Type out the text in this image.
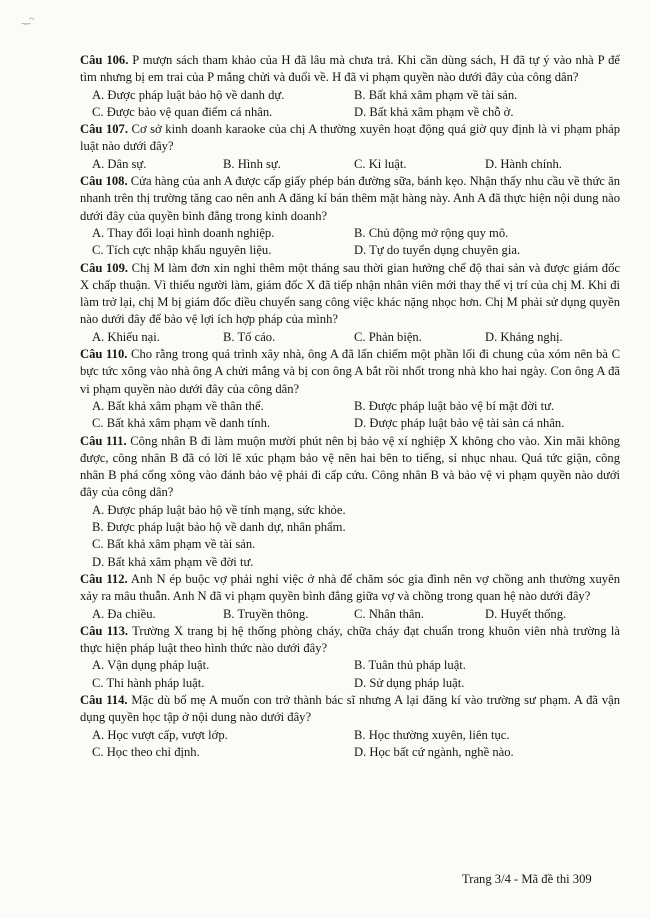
‿~
Câu 106. P mượn sách tham khảo của H đã lâu mà chưa trả. Khi cần dùng sách, H đã tự ý vào nhà P để tìm nhưng bị em trai của P mắng chửi và đuổi về. H đã vi phạm quyền nào dưới đây của công dân?
A. Được pháp luật bảo hộ về danh dự.	B. Bất khả xâm phạm về tài sản.
C. Được bảo vệ quan điểm cá nhân.	D. Bất khả xâm phạm về chỗ ở.
Câu 107. Cơ sở kinh doanh karaoke của chị A thường xuyên hoạt động quá giờ quy định là vi phạm pháp luật nào dưới đây?
A. Dân sự.	B. Hình sự.	C. Kỉ luật.	D. Hành chính.
Câu 108. Cửa hàng của anh A được cấp giấy phép bán đường sữa, bánh kẹo. Nhận thấy nhu cầu về thức ăn nhanh trên thị trường tăng cao nên anh A đăng kí bán thêm mặt hàng này. Anh A đã thực hiện nội dung nào dưới đây của quyền bình đẳng trong kinh doanh?
A. Thay đổi loại hình doanh nghiệp.	B. Chủ động mở rộng quy mô.
C. Tích cực nhập khẩu nguyên liệu.	D. Tự do tuyển dụng chuyên gia.
Câu 109. Chị M làm đơn xin nghỉ thêm một tháng sau thời gian hưởng chế độ thai sản và được giám đốc X chấp thuận. Vì thiếu người làm, giám đốc X đã tiếp nhận nhân viên mới thay thế vị trí của chị M. Khi đi làm trở lại, chị M bị giám đốc điều chuyển sang công việc khác nặng nhọc hơn. Chị M phải sử dụng quyền nào dưới đây để bảo vệ lợi ích hợp pháp của mình?
A. Khiếu nại.	B. Tố cáo.	C. Phản biện.	D. Kháng nghị.
Câu 110. Cho rằng trong quá trình xây nhà, ông A đã lấn chiếm một phần lối đi chung của xóm nên bà C bực tức xông vào nhà ông A chửi mắng và bị con ông A bắt rồi nhốt trong nhà kho hai ngày. Con ông A đã vi phạm quyền nào dưới đây của công dân?
A. Bất khả xâm phạm về thân thể.	B. Được pháp luật bảo vệ bí mật đời tư.
C. Bất khả xâm phạm về danh tính.	D. Được pháp luật bảo vệ tài sản cá nhân.
Câu 111. Công nhân B đi làm muộn mười phút nên bị bảo vệ xí nghiệp X không cho vào. Xin mãi không được, công nhân B đã có lời lẽ xúc phạm bảo vệ nên hai bên to tiếng, sỉ nhục nhau. Quá tức giận, công nhân B phá cổng xông vào đánh bảo vệ phải đi cấp cứu. Công nhân B và bảo vệ vi phạm quyền nào dưới đây của công dân?
A. Được pháp luật bảo hộ về tính mạng, sức khỏe.
B. Được pháp luật bảo hộ về danh dự, nhân phẩm.
C. Bất khả xâm phạm về tài sản.
D. Bất khả xâm phạm về đời tư.
Câu 112. Anh N ép buộc vợ phải nghỉ việc ở nhà để chăm sóc gia đình nên vợ chồng anh thường xuyên xảy ra mâu thuẫn. Anh N đã vi phạm quyền bình đẳng giữa vợ và chồng trong quan hệ nào dưới đây?
A. Đa chiều.	B. Truyền thông.	C. Nhân thân.	D. Huyết thống.
Câu 113. Trường X trang bị hệ thống phòng cháy, chữa cháy đạt chuẩn trong khuôn viên nhà trường là thực hiện pháp luật theo hình thức nào dưới đây?
A. Vận dụng pháp luật.	B. Tuân thủ pháp luật.
C. Thi hành pháp luật.	D. Sử dụng pháp luật.
Câu 114. Mặc dù bố mẹ A muốn con trở thành bác sĩ nhưng A lại đăng kí vào trường sư phạm. A đã vận dụng quyền học tập ở nội dung nào dưới đây?
A. Học vượt cấp, vượt lớp.	B. Học thường xuyên, liên tục.
C. Học theo chỉ định.	D. Học bất cứ ngành, nghề nào.
Trang 3/4 - Mã đề thi 309
